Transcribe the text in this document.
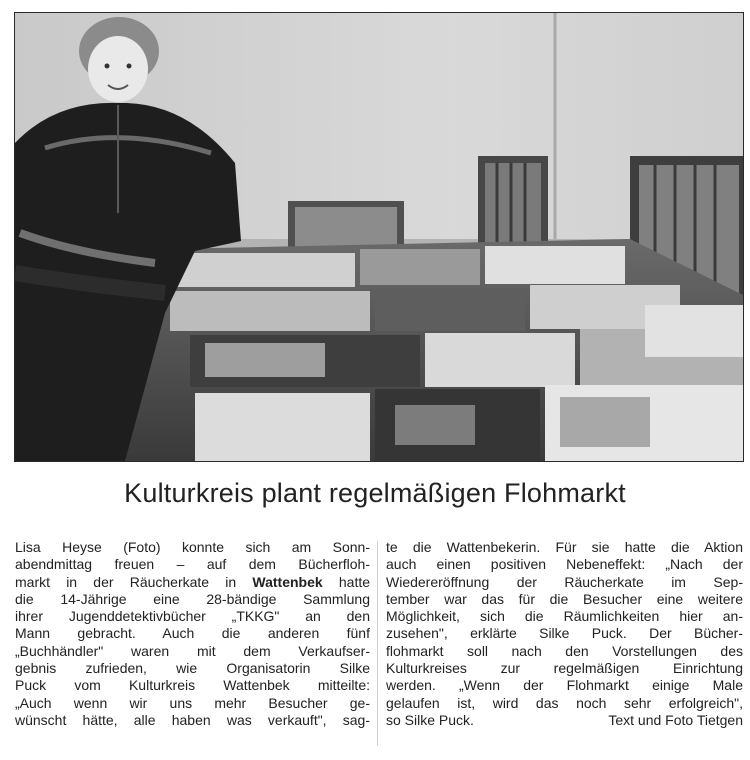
Kulturkreis plant regelmäßigen Flohmarkt
Lisa Heyse (Foto) konnte sich am Sonn-
abendmittag freuen – auf dem Bücherfloh-
markt in der Räucherkate in Wattenbek hatte
die 14-Jährige eine 28-bändige Sammlung
ihrer Jugenddetektivbücher „TKKG" an den
Mann gebracht. Auch die anderen fünf
„Buchhändler" waren mit dem Verkaufser-
gebnis zufrieden, wie Organisatorin Silke
Puck vom Kulturkreis Wattenbek mitteilte:
„Auch wenn wir uns mehr Besucher ge-
wünscht hätte, alle haben was verkauft", sag-
te die Wattenbekerin. Für sie hatte die Aktion
auch einen positiven Nebeneffekt: „Nach der
Wiedereröffnung der Räucherkate im Sep-
tember war das für die Besucher eine weitere
Möglichkeit, sich die Räumlichkeiten hier an-
zusehen", erklärte Silke Puck. Der Bücher-
flohmarkt soll nach den Vorstellungen des
Kulturkreises zur regelmäßigen Einrichtung
werden. „Wenn der Flohmarkt einige Male
gelaufen ist, wird das noch sehr erfolgreich",
so Silke Puck.	Text und Foto Tietgen
